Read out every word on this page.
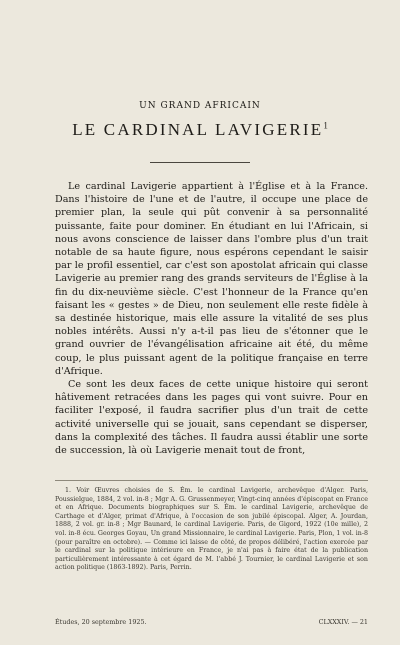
UN GRAND AFRICAIN
LE CARDINAL LAVIGERIE$^1$

Le cardinal Lavigerie appartient à l'Église et à la France. Dans l'histoire de l'une et de l'autre, il occupe une place de premier plan, la seule qui pût convenir à sa personnalité puissante, faite pour dominer. En étudiant en lui l'Africain, si nous avons conscience de laisser dans l'ombre plus d'un trait notable de sa haute figure, nous espérons cependant le saisir par le profil essentiel, car c'est son apostolat africain qui classe Lavigerie au premier rang des grands serviteurs de l'Église à la fin du dix-neuvième siècle. C'est l'honneur de la France qu'en faisant les « gestes » de Dieu, non seulement elle reste fidèle à sa destinée historique, mais elle assure la vitalité de ses plus nobles intérêts. Aussi n'y a-t-il pas lieu de s'étonner que le grand ouvrier de l'évangélisation africaine ait été, du même coup, le plus puissant agent de la politique française en terre d'Afrique.

Ce sont les deux faces de cette unique histoire qui seront hâtivement retracées dans les pages qui vont suivre. Pour en faciliter l'exposé, il faudra sacrifier plus d'un trait de cette activité universelle qui se jouait, sans cependant se disperser, dans la complexité des tâches. Il faudra aussi établir une sorte de succession, là où Lavigerie menait tout de front,

1. Voir Œuvres choisies de S. Ém. le cardinal Lavigerie, archevêque d'Alger. Paris, Poussielgue, 1884, 2 vol. in-8 ; Mgr A. G. Grussenmeyer, Vingt-cinq années d'épiscopat en France et en Afrique. Documents biographiques sur S. Ém. le cardinal Lavigerie, archevêque de Carthage et d'Alger, primat d'Afrique, à l'occasion de son jubilé épiscopal. Alger, A. Jourdan, 1888, 2 vol. gr. in-8 ; Mgr Baunard, le cardinal Lavigerie. Paris, de Gigord, 1922 (10e mille), 2 vol. in-8 écu. Georges Goyau, Un grand Missionnaire, le cardinal Lavigerie. Paris, Plon, 1 vol. in-8 (pour paraître en octobre). — Comme ici laisse de côté, de propos délibéré, l'action exercée par le cardinal sur la politique intérieure en France, je n'ai pas à faire état de la publication particulièrement intéressante à cet égard de M. l'abbé J. Tournier, le cardinal Lavigerie et son action politique (1863-1892). Paris, Perrin.

Études, 20 septembre 1925.	CLXXXIV. — 21
